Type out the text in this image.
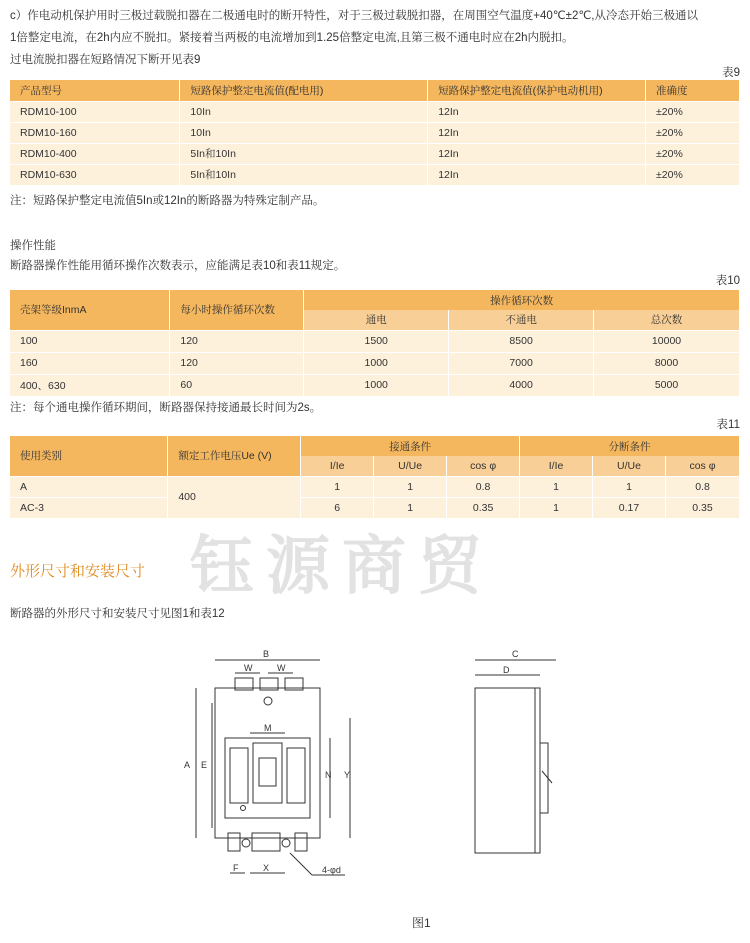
c）作电动机保护用时三极过载脱扣器在二极通电时的断开特性，对于三极过载脱扣器，在周围空气温度+40℃±2℃,从冷态开始三极通以
1倍整定电流，在2h内应不脱扣。紧接着当两极的电流增加到1.25倍整定电流,且第三极不通电时应在2h内脱扣。
过电流脱扣器在短路情况下断开见表9
表9
产品型号	短路保护整定电流值(配电用)	短路保护整定电流值(保护电动机用)	准确度
RDM10-100	10In	12In	±20%
RDM10-160	10In	12In	±20%
RDM10-400	5In和10In	12In	±20%
RDM10-630	5In和10In	12In	±20%
注：短路保护整定电流值5In或12In的断路器为特殊定制产品。
操作性能
断路器操作性能用循环操作次数表示，应能满足表10和表11规定。
表10
壳架等级InmA	每小时操作循环次数	操作循环次数		
		通电	不通电	总次数
100	120	1500	8500	10000
160	120	1000	7000	8000
400、630	60	1000	4000	5000
注：每个通电操作循环期间，断路器保持接通最长时间为2s。
表11
使用类别	额定工作电压Ue (V)	接通条件			分断条件		
		I/Ie	U/Ue	cos φ	I/Ie	U/Ue	cos φ
A	400	1	1	0.8	1	1	0.8
AC-3		6	1	0.35	1	0.17	0.35
钰源商贸
外形尺寸和安装尺寸
断路器的外形尺寸和安装尺寸见图1和表12
B
W	W
M
A E
N Y
F	X	4-φd
C
D
图1
